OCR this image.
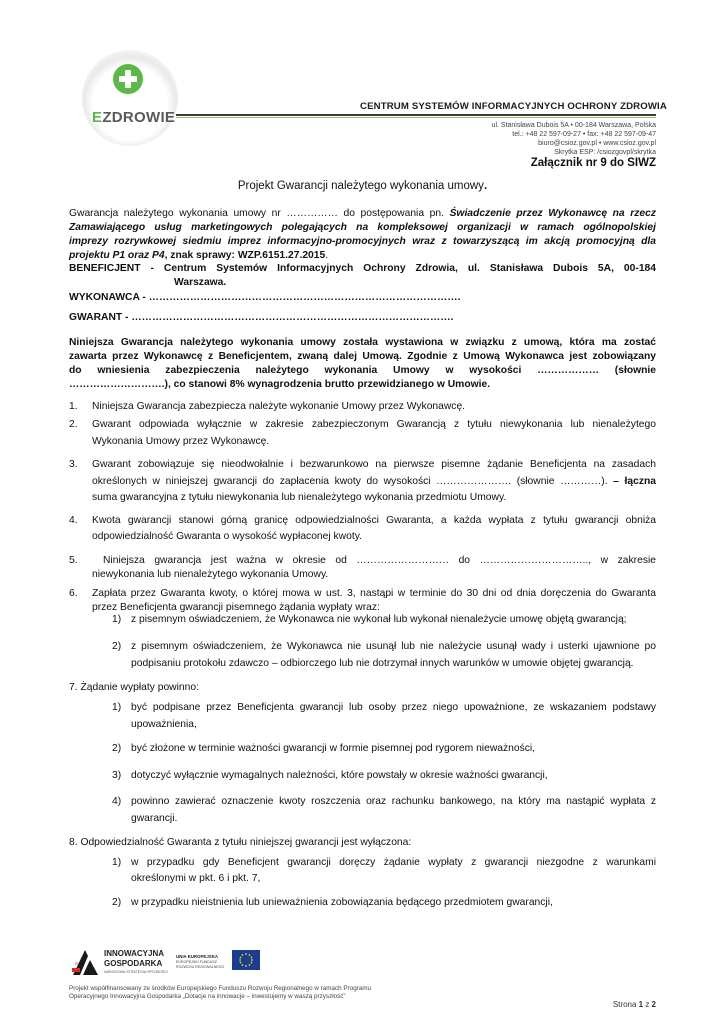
EZDROWIE
CENTRUM SYSTEMÓW INFORMACYJNYCH OCHRONY ZDROWIA
ul. Stanisława Dubois 5A • 00-184 Warszawa, Polska
tel.: +48 22 597-09-27 • fax: +48 22 597-09-47
biuro@csioz.gov.pl • www.csioz.gov.pl
Skrytka ESP: /csiozgovpl/skrytka
Załącznik nr 9 do SIWZ
Projekt Gwarancji należytego wykonania umowy.
Gwarancja należytego wykonania umowy nr …………… do postępowania pn. Świadczenie przez Wykonawcę na rzecz
Zamawiającego usług marketingowych polegających na kompleksowej organizacji w ramach ogólnopolskiej
imprezy rozrywkowej siedmiu imprez informacyjno-promocyjnych wraz z towarzyszącą im akcją promocyjną dla
projektu P1 oraz P4, znak sprawy: WZP.6151.27.2015.
BENEFICJENT - Centrum Systemów Informacyjnych Ochrony Zdrowia, ul. Stanisława Dubois 5A, 00-184
Warszawa.
WYKONAWCA - ……………………………………………………………………………….
GWARANT - ………………………………………………………………………………….
Niniejsza Gwarancja należytego wykonania umowy została wystawiona w związku z umową, która ma zostać
zawarta przez Wykonawcę z Beneficjentem, zwaną dalej Umową. Zgodnie z Umową Wykonawca jest zobowiązany
do wniesienia zabezpieczenia należytego wykonania Umowy w wysokości ……………… (słownie
……………………….), co stanowi 8% wynagrodzenia brutto przewidzianego w Umowie.
1. Niniejsza Gwarancja zabezpiecza należyte wykonanie Umowy przez Wykonawcę.
2. Gwarant odpowiada wyłącznie w zakresie zabezpieczonym Gwarancją z tytułu niewykonania lub nienależytego
Wykonania Umowy przez Wykonawcę.
3. Gwarant zobowiązuje się nieodwołalnie i bezwarunkowo na pierwsze pisemne żądanie Beneficjenta na zasadach
określonych w niniejszej gwarancji do zapłacenia kwoty do wysokości …………………. (słownie …………). – łączna
suma gwarancyjna z tytułu niewykonania lub nienależytego wykonania przedmiotu Umowy.
4. Kwota gwarancji stanowi górną granicę odpowiedzialności Gwaranta, a każda wypłata z tytułu gwarancji obniża
odpowiedzialność Gwaranta o wysokość wypłaconej kwoty.
5. Niniejsza gwarancja jest ważna w okresie od ……………………… do ………………………….., w zakresie
niewykonania lub nienależytego wykonania Umowy.
6. Zapłata przez Gwaranta kwoty, o której mowa w ust. 3, nastąpi w terminie do 30 dni od dnia doręczenia do Gwaranta
przez Beneficjenta gwarancji pisemnego żądania wypłaty wraz:
1) z pisemnym oświadczeniem, że Wykonawca nie wykonał lub wykonał nienależycie umowę objętą gwarancją;
2) z pisemnym oświadczeniem, że Wykonawca nie usunął lub nie należycie usunął wady i usterki ujawnione po
podpisaniu protokołu zdawczo – odbiorczego lub nie dotrzymał innych warunków w umowie objętej gwarancją.
7. Żądanie wypłaty powinno:
1) być podpisane przez Beneficjenta gwarancji lub osoby przez niego upoważnione, ze wskazaniem podstawy
upoważnienia,
2) być złożone w terminie ważności gwarancji w formie pisemnej pod rygorem nieważności,
3) dotyczyć wyłącznie wymagalnych należności, które powstały w okresie ważności gwarancji,
4) powinno zawierać oznaczenie kwoty roszczenia oraz rachunku bankowego, na który ma nastąpić wypłata z
gwarancji.
8. Odpowiedzialność Gwaranta z tytułu niniejszej gwarancji jest wyłączona:
1) w przypadku gdy Beneficjent gwarancji doręczy żądanie wypłaty z gwarancji niezgodne z warunkami
określonymi w pkt. 6 i pkt. 7,
2) w przypadku nieistnienia lub unieważnienia zobowiązania będącego przedmiotem gwarancji,
INNOWACYJNA
GOSPODARKA
NARODOWA STRATEGIA SPÓJNOŚCI
UNIA EUROPEJSKA
EUROPEJSKI FUNDUSZ
ROZWOJU REGIONALNEGO
Projekt współfinansowany ze środków Europejskiego Funduszu Rozwoju Regionalnego w ramach Programu
Operacyjnego Innowacyjna Gospodarka „Dotacje na innowacje – inwestujemy w waszą przyszłość”
Strona 1 z 2
